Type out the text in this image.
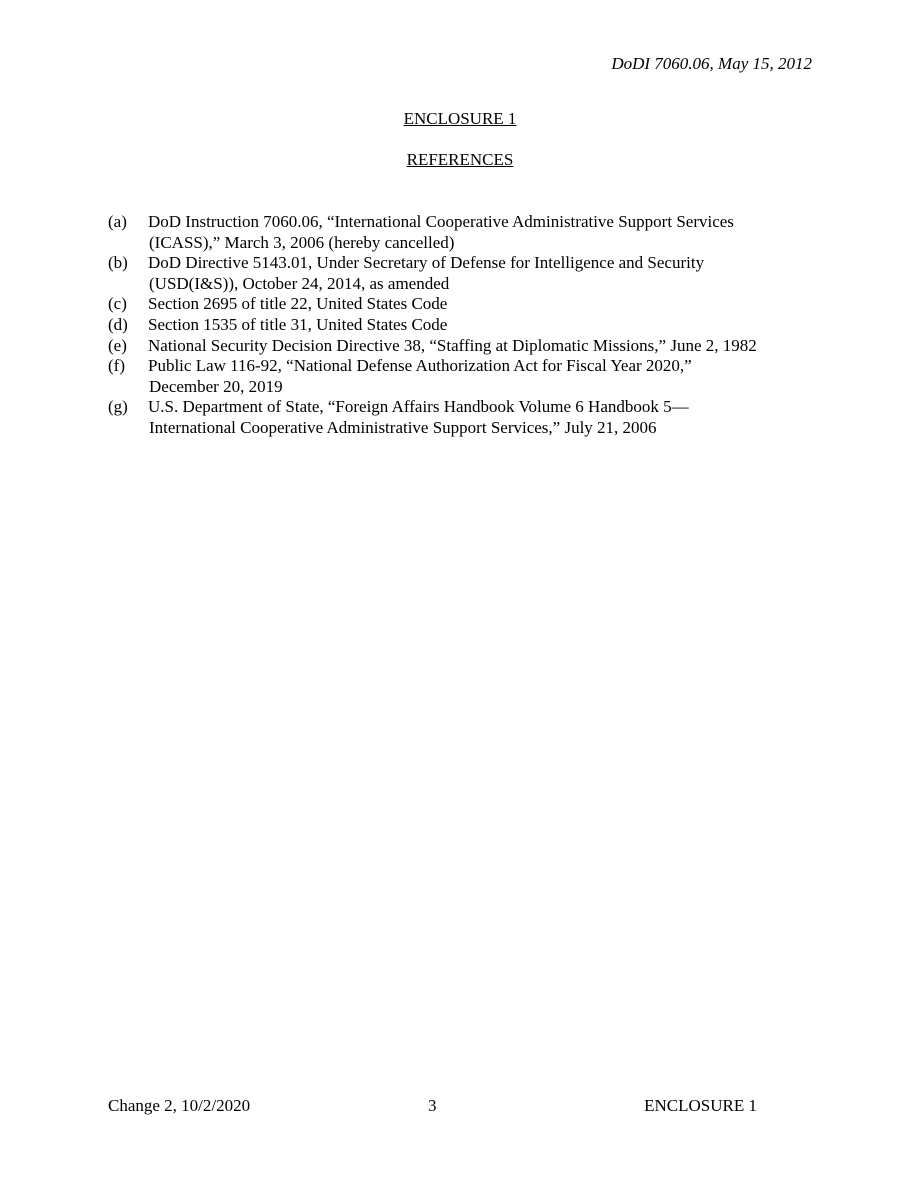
DoDI 7060.06, May 15, 2012
ENCLOSURE 1
REFERENCES
(a) DoD Instruction 7060.06, “International Cooperative Administrative Support Services
(ICASS),” March 3, 2006 (hereby cancelled)
(b) DoD Directive 5143.01, Under Secretary of Defense for Intelligence and Security
(USD(I&S)), October 24, 2014, as amended
(c) Section 2695 of title 22, United States Code
(d) Section 1535 of title 31, United States Code
(e) National Security Decision Directive 38, “Staffing at Diplomatic Missions,” June 2, 1982
(f) Public Law 116-92, “National Defense Authorization Act for Fiscal Year 2020,”
December 20, 2019
(g) U.S. Department of State, “Foreign Affairs Handbook Volume 6 Handbook 5—
International Cooperative Administrative Support Services,” July 21, 2006
Change 2, 10/2/2020	3	ENCLOSURE 1
